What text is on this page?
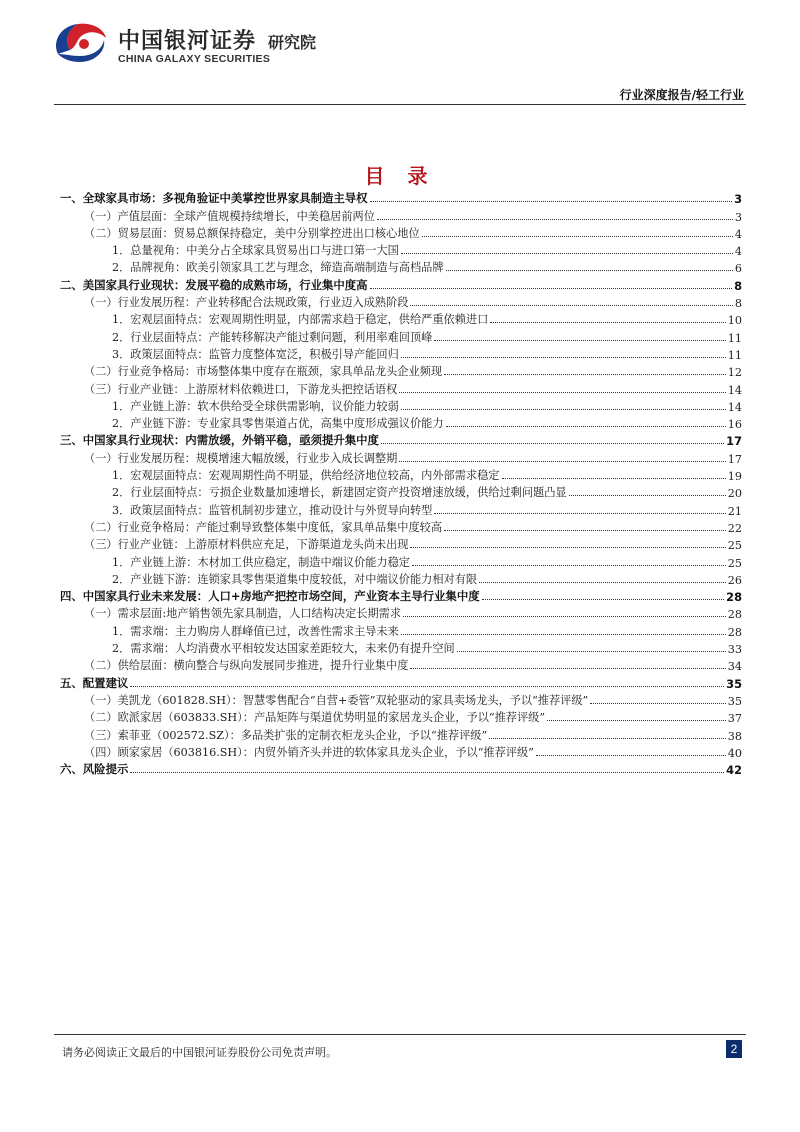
中国银河证券 研究院
CHINA GALAXY SECURITIES
行业深度报告/轻工行业
目 录
一、全球家具市场：多视角验证中美掌控世界家具制造主导权	3
（一）产值层面：全球产值规模持续增长，中美稳居前两位	3
（二）贸易层面：贸易总额保持稳定，美中分别掌控进出口核心地位	4
1．总量视角：中美分占全球家具贸易出口与进口第一大国	4
2．品牌视角：欧美引领家具工艺与理念，缔造高端制造与高档品牌	6
二、美国家具行业现状：发展平稳的成熟市场，行业集中度高	8
（一）行业发展历程：产业转移配合法规政策，行业迈入成熟阶段	8
1．宏观层面特点：宏观周期性明显，内部需求趋于稳定，供给严重依赖进口	10
2．行业层面特点：产能转移解决产能过剩问题，利用率难回顶峰	11
3．政策层面特点：监管力度整体宽泛，积极引导产能回归	11
（二）行业竞争格局：市场整体集中度存在瓶颈，家具单品龙头企业频现	12
（三）行业产业链：上游原材料依赖进口，下游龙头把控话语权	14
1．产业链上游：软木供给受全球供需影响，议价能力较弱	14
2．产业链下游：专业家具零售渠道占优，高集中度形成强议价能力	16
三、中国家具行业现状：内需放缓，外销平稳，亟须提升集中度	17
（一）行业发展历程：规模增速大幅放缓，行业步入成长调整期	17
1．宏观层面特点：宏观周期性尚不明显，供给经济地位较高，内外部需求稳定	19
2．行业层面特点：亏损企业数量加速增长，新建固定资产投资增速放缓，供给过剩问题凸显	20
3．政策层面特点：监管机制初步建立，推动设计与外贸导向转型	21
（二）行业竞争格局：产能过剩导致整体集中度低，家具单品集中度较高	22
（三）行业产业链：上游原材料供应充足，下游渠道龙头尚未出现	25
1．产业链上游：木材加工供应稳定，制造中端议价能力稳定	25
2．产业链下游：连锁家具零售渠道集中度较低，对中端议价能力相对有限	26
四、中国家具行业未来发展：人口+房地产把控市场空间，产业资本主导行业集中度	28
（一）需求层面:地产销售领先家具制造，人口结构决定长期需求	28
1．需求端：主力购房人群峰值已过，改善性需求主导未来	28
2．需求端：人均消费水平相较发达国家差距较大，未来仍有提升空间	33
（二）供给层面：横向整合与纵向发展同步推进，提升行业集中度	34
五、配置建议	35
（一）美凯龙（601828.SH）：智慧零售配合“自营+委管”双轮驱动的家具卖场龙头，予以“推荐评级”	35
（二）欧派家居（603833.SH）：产品矩阵与渠道优势明显的家居龙头企业，予以“推荐评级”	37
（三）索菲亚（002572.SZ）：多品类扩张的定制衣柜龙头企业，予以“推荐评级”	38
（四）顾家家居（603816.SH）：内贸外销齐头并进的软体家具龙头企业，予以“推荐评级”	40
六、风险提示	42
请务必阅读正文最后的中国银河证券股份公司免责声明。	2
